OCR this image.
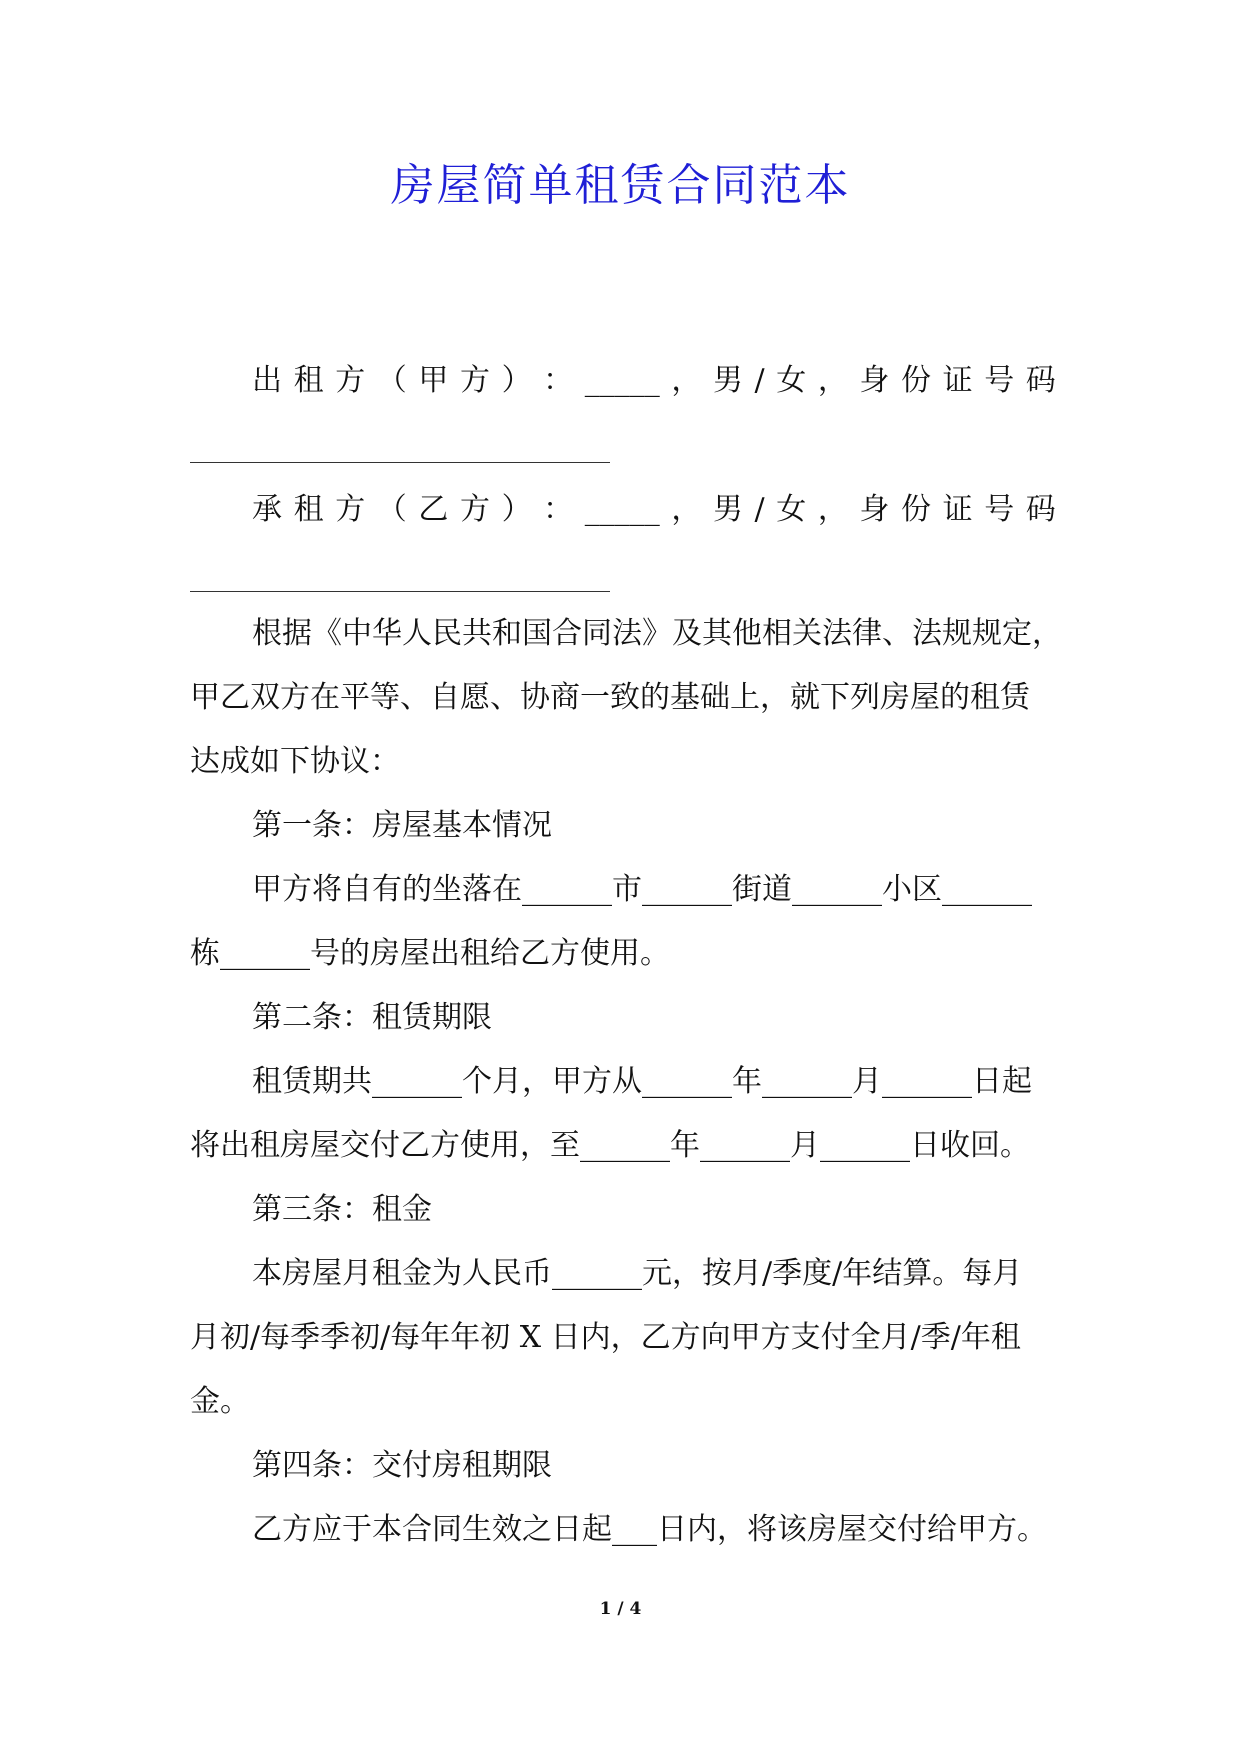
房屋简单租赁合同范本
出 租 方 （ 甲 方 ） ： _____ ， 男 / 女 ， 身 份 证 号 码
承 租 方 （ 乙 方 ） ： _____ ， 男 / 女 ， 身 份 证 号 码
根据《中华人民共和国合同法》及其他相关法律、法规规定，
甲乙双方在平等、自愿、协商一致的基础上，就下列房屋的租赁
达成如下协议：
第一条：房屋基本情况
甲方将自有的坐落在______市______街道______小区______
栋______号的房屋出租给乙方使用。
第二条：租赁期限
租赁期共______个月，甲方从______年______月______日起
将出租房屋交付乙方使用，至______年______月______日收回。
第三条：租金
本房屋月租金为人民币______元，按月/季度/年结算。每月
月初/每季季初/每年年初 X 日内，乙方向甲方支付全月/季/年租
金。
第四条：交付房租期限
乙方应于本合同生效之日起___日内，将该房屋交付给甲方。
1 / 4
